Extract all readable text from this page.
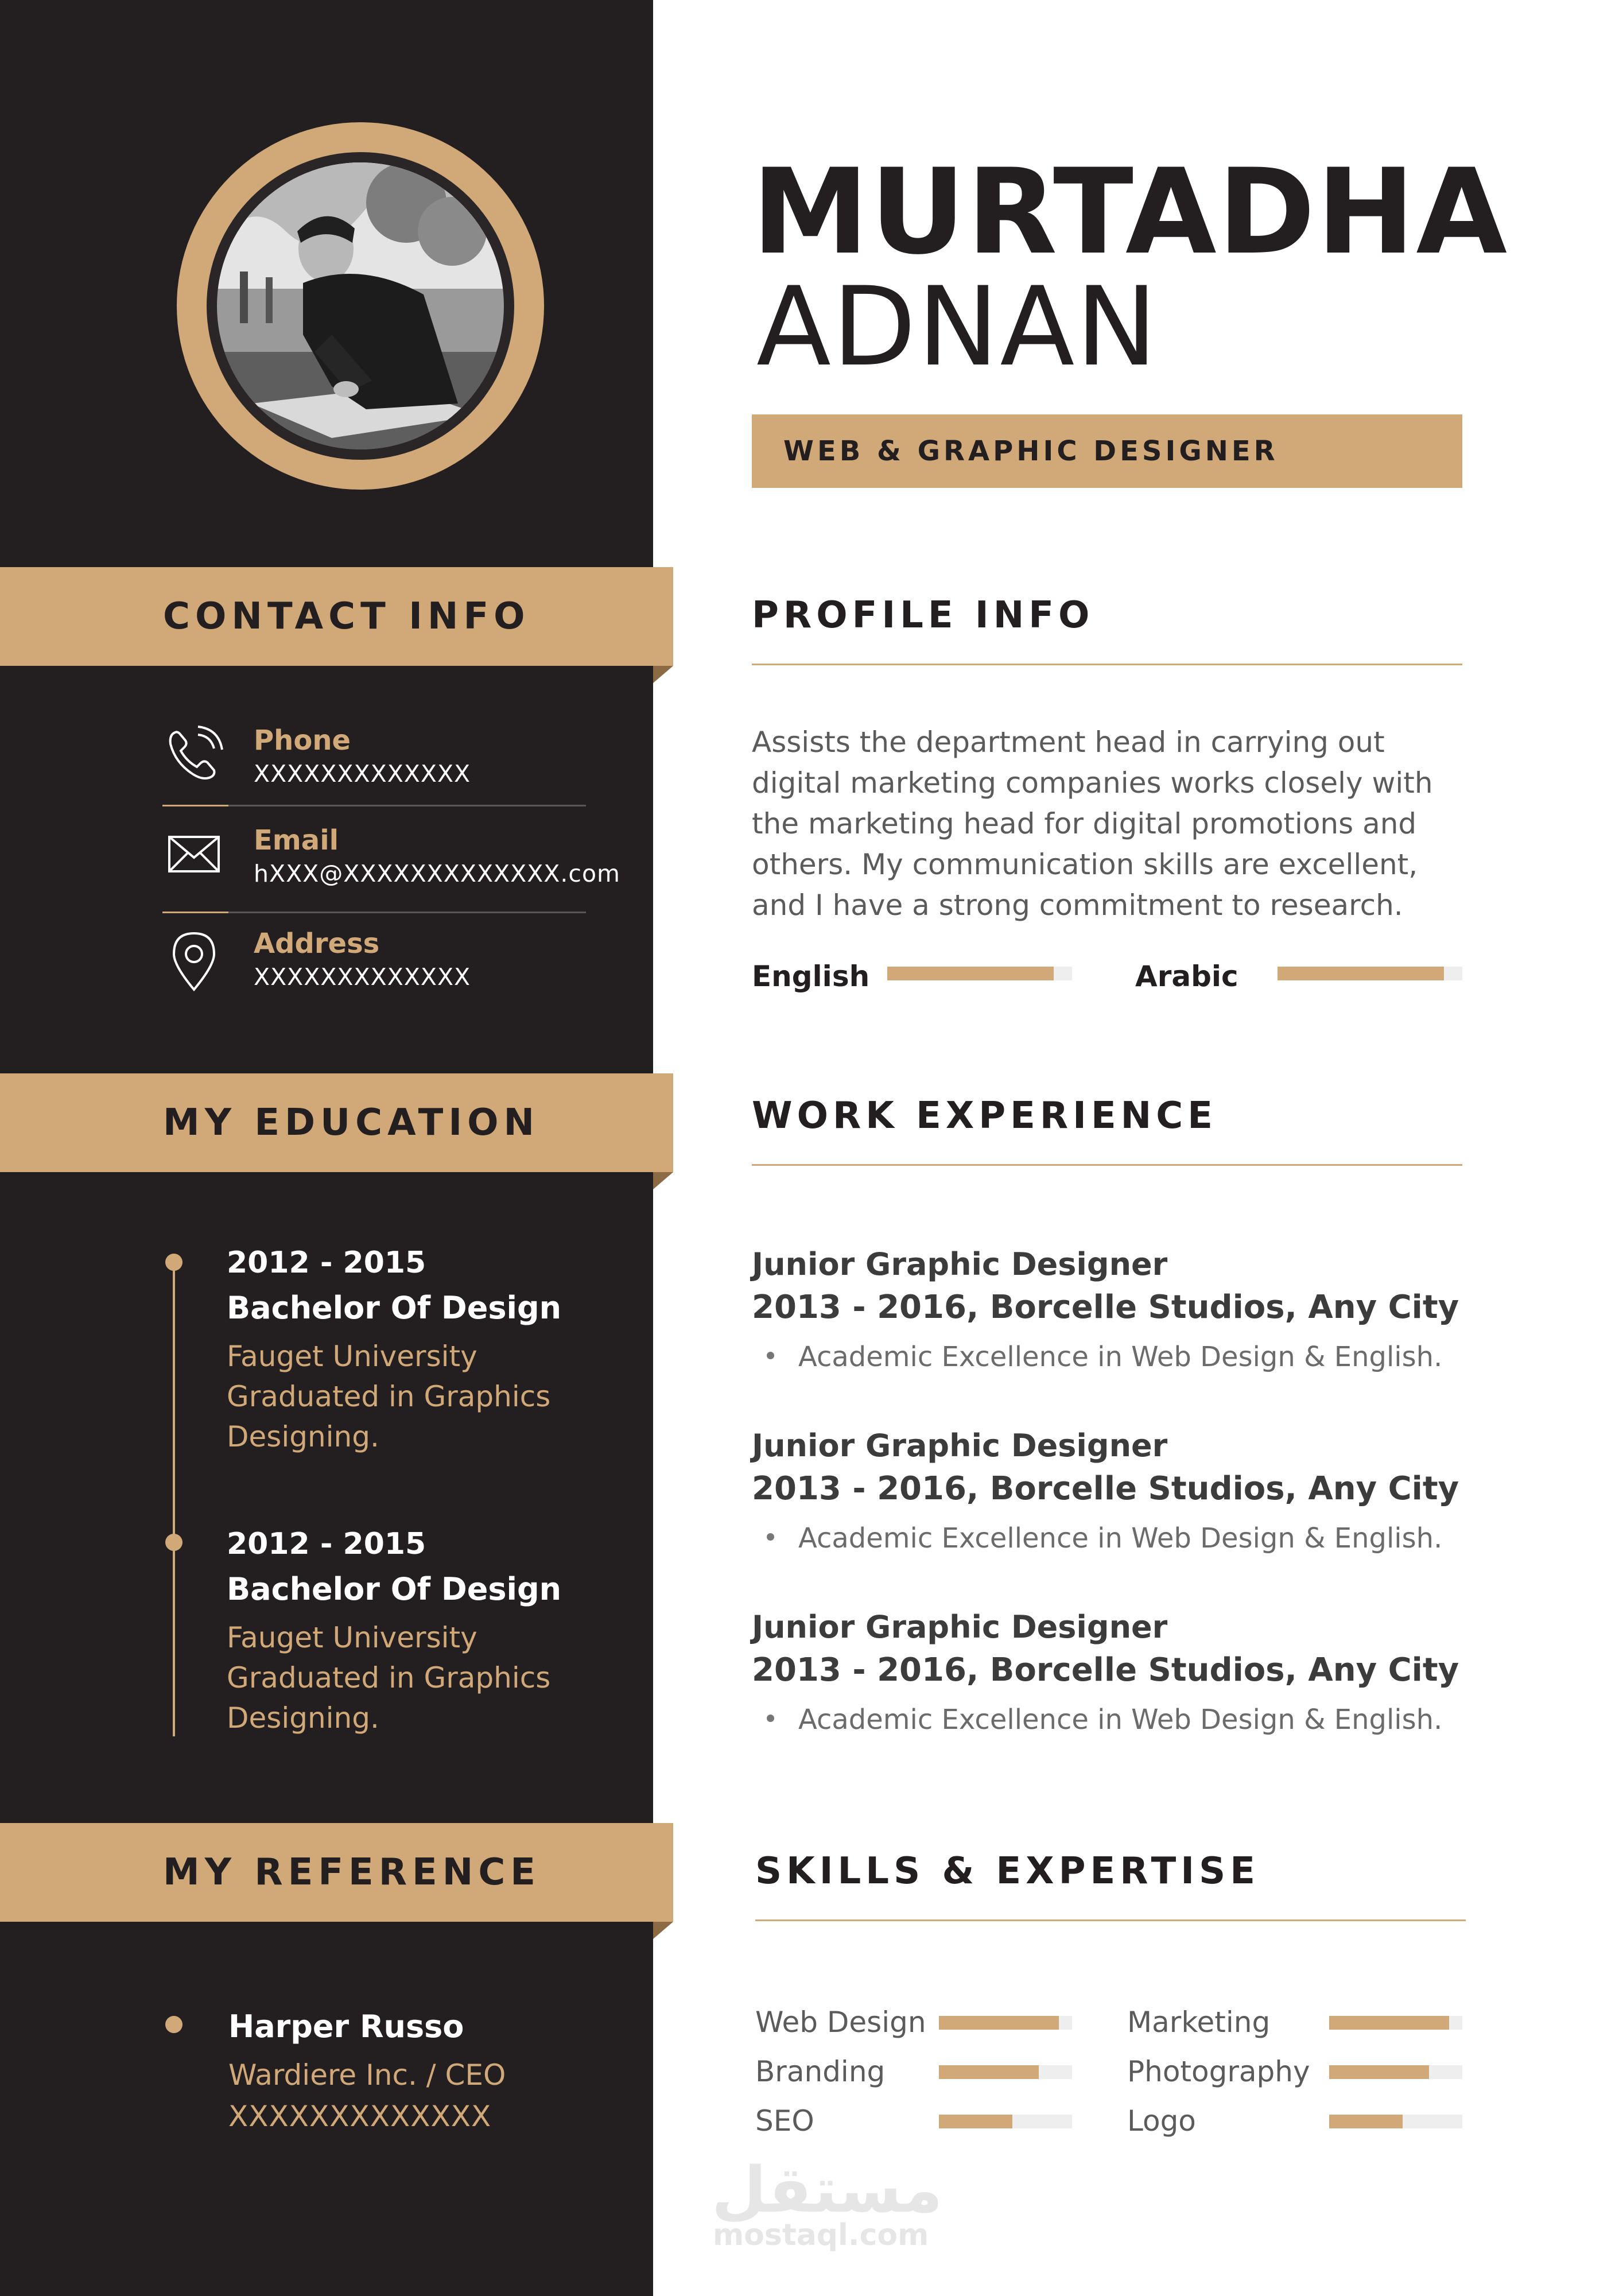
CONTACT INFO
Phone
XXXXXXXXXXXXX
Email
hXXX@XXXXXXXXXXXXX.com
Address
XXXXXXXXXXXXX
MY EDUCATION
2012 - 2015
Bachelor Of Design
Fauget University
Graduated in Graphics
Designing.
2012 - 2015
Bachelor Of Design
Fauget University
Graduated in Graphics
Designing.
MY REFERENCE
Harper Russo
Wardiere Inc. / CEO
XXXXXXXXXXXXX
MURTADHA
ADNAN
WEB & GRAPHIC DESIGNER
PROFILE INFO
Assists the department head in carrying out digital marketing companies works closely with the marketing head for digital promotions and others. My communication skills are excellent, and I have a strong commitment to research.
English	Arabic
WORK EXPERIENCE
Junior Graphic Designer
2013 - 2016, Borcelle Studios, Any City
Academic Excellence in Web Design & English.
Junior Graphic Designer
2013 - 2016, Borcelle Studios, Any City
Academic Excellence in Web Design & English.
Junior Graphic Designer
2013 - 2016, Borcelle Studios, Any City
Academic Excellence in Web Design & English.
SKILLS & EXPERTISE
Web Design
Branding
SEO
Marketing
Photography
Logo
مستقل
mostaql.com
